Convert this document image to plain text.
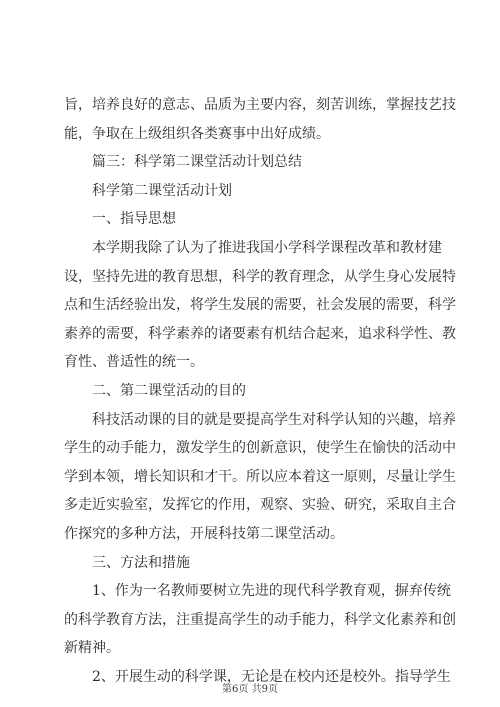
旨，培养良好的意志、品质为主要内容，刻苦训练，掌握技艺技
能，争取在上级组织各类赛事中出好成绩。
篇三：科学第二课堂活动计划总结
科学第二课堂活动计划
一、指导思想
本学期我除了认为了推进我国小学科学课程改革和教材建
设，坚持先进的教育思想，科学的教育理念，从学生身心发展特
点和生活经验出发，将学生发展的需要，社会发展的需要，科学
素养的需要，科学素养的诸要素有机结合起来，追求科学性、教
育性、普适性的统一。
二、第二课堂活动的目的
科技活动课的目的就是要提高学生对科学认知的兴趣，培养
学生的动手能力，激发学生的创新意识，使学生在愉快的活动中
学到本领，增长知识和才干。所以应本着这一原则，尽量让学生
多走近实验室，发挥它的作用，观察、实验、研究，采取自主合
作探究的多种方法，开展科技第二课堂活动。
三、方法和措施
1、作为一名教师要树立先进的现代科学教育观，摒弃传统
的科学教育方法，注重提高学生的动手能力，科学文化素养和创
新精神。
2、开展生动的科学课，无论是在校内还是校外。指导学生
第6页 共9页
